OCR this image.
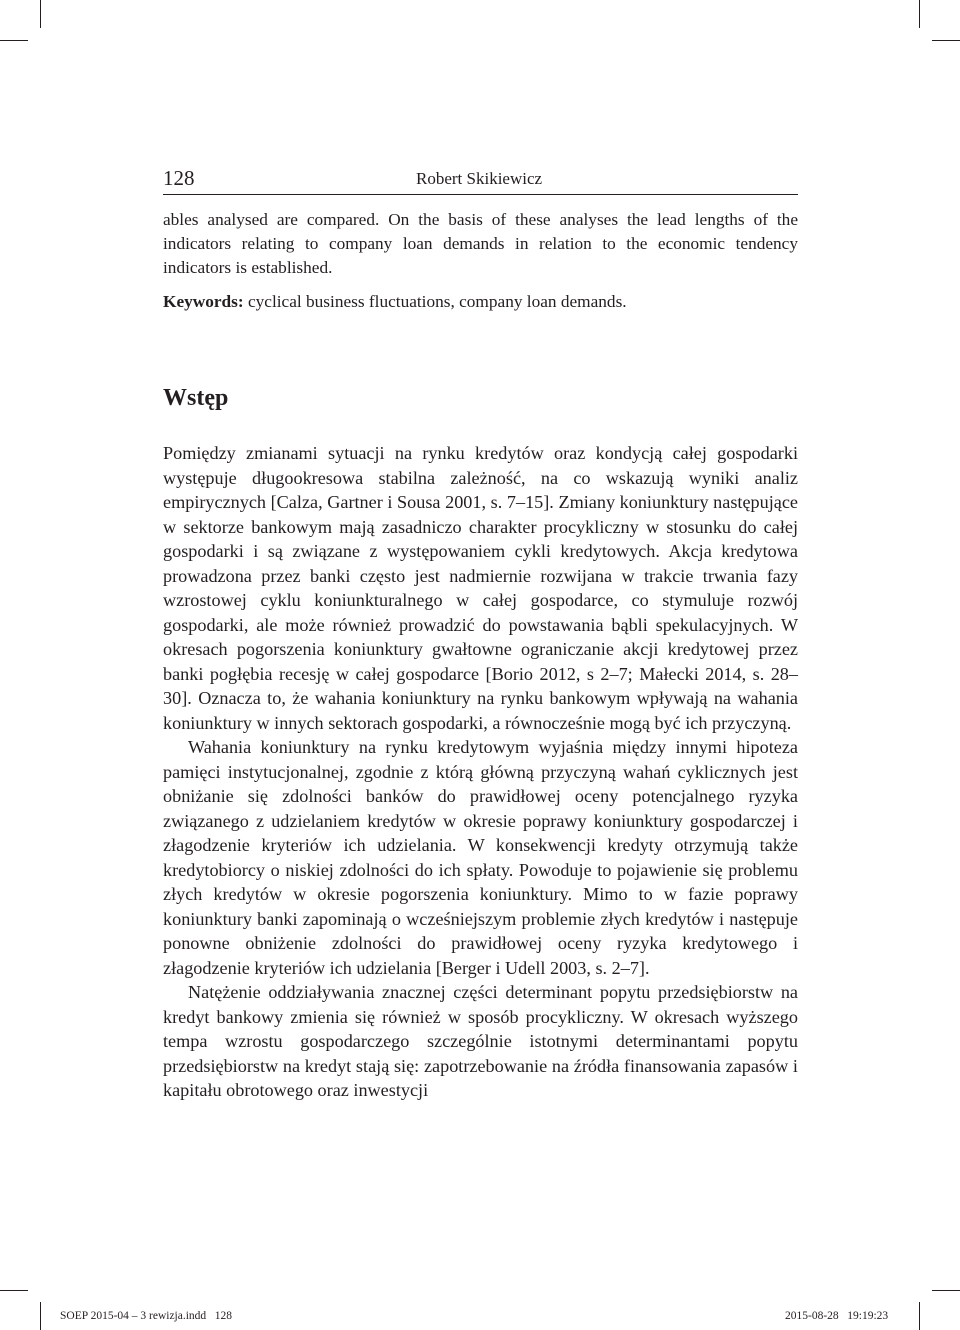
128	Robert Skikiewicz

ables analysed are compared. On the basis of these analyses the lead lengths of the indicators relating to company loan demands in relation to the economic tendency indicators is established.

Keywords: cyclical business fluctuations, company loan demands.

Wstęp

Pomiędzy zmianami sytuacji na rynku kredytów oraz kondycją całej gospodarki występuje długookresowa stabilna zależność, na co wskazują wyniki analiz empirycznych [Calza, Gartner i Sousa 2001, s. 7–15]. Zmiany koniunktury następujące w sektorze bankowym mają zasadniczo charakter procykliczny w stosunku do całej gospodarki i są związane z występowaniem cykli kredytowych. Akcja kredytowa prowadzona przez banki często jest nadmiernie rozwijana w trakcie trwania fazy wzrostowej cyklu koniunkturalnego w całej gospodarce, co stymuluje rozwój gospodarki, ale może również prowadzić do powstawania bąbli spekulacyjnych. W okresach pogorszenia koniunktury gwałtowne ograniczanie akcji kredytowej przez banki pogłębia recesję w całej gospodarce [Borio 2012, s 2–7; Małecki 2014, s. 28–30]. Oznacza to, że wahania koniunktury na rynku bankowym wpływają na wahania koniunktury w innych sektorach gospodarki, a równocześnie mogą być ich przyczyną.

Wahania koniunktury na rynku kredytowym wyjaśnia między innymi hipoteza pamięci instytucjonalnej, zgodnie z którą główną przyczyną wahań cyklicznych jest obniżanie się zdolności banków do prawidłowej oceny potencjalnego ryzyka związanego z udzielaniem kredytów w okresie poprawy koniunktury gospodarczej i złagodzenie kryteriów ich udzielania. W konsekwencji kredyty otrzymują także kredytobiorcy o niskiej zdolności do ich spłaty. Powoduje to pojawienie się problemu złych kredytów w okresie pogorszenia koniunktury. Mimo to w fazie poprawy koniunktury banki zapominają o wcześniejszym problemie złych kredytów i następuje ponowne obniżenie zdolności do prawidłowej oceny ryzyka kredytowego i złagodzenie kryteriów ich udzielania [Berger i Udell 2003, s. 2–7].

Natężenie oddziaływania znacznej części determinant popytu przedsiębiorstw na kredyt bankowy zmienia się również w sposób procykliczny. W okresach wyższego tempa wzrostu gospodarczego szczególnie istotnymi determinantami popytu przedsiębiorstw na kredyt stają się: zapotrzebowanie na źródła finansowania zapasów i kapitału obrotowego oraz inwestycji

SOEP 2015-04 – 3 rewizja.indd   128	2015-08-28   19:19:23
